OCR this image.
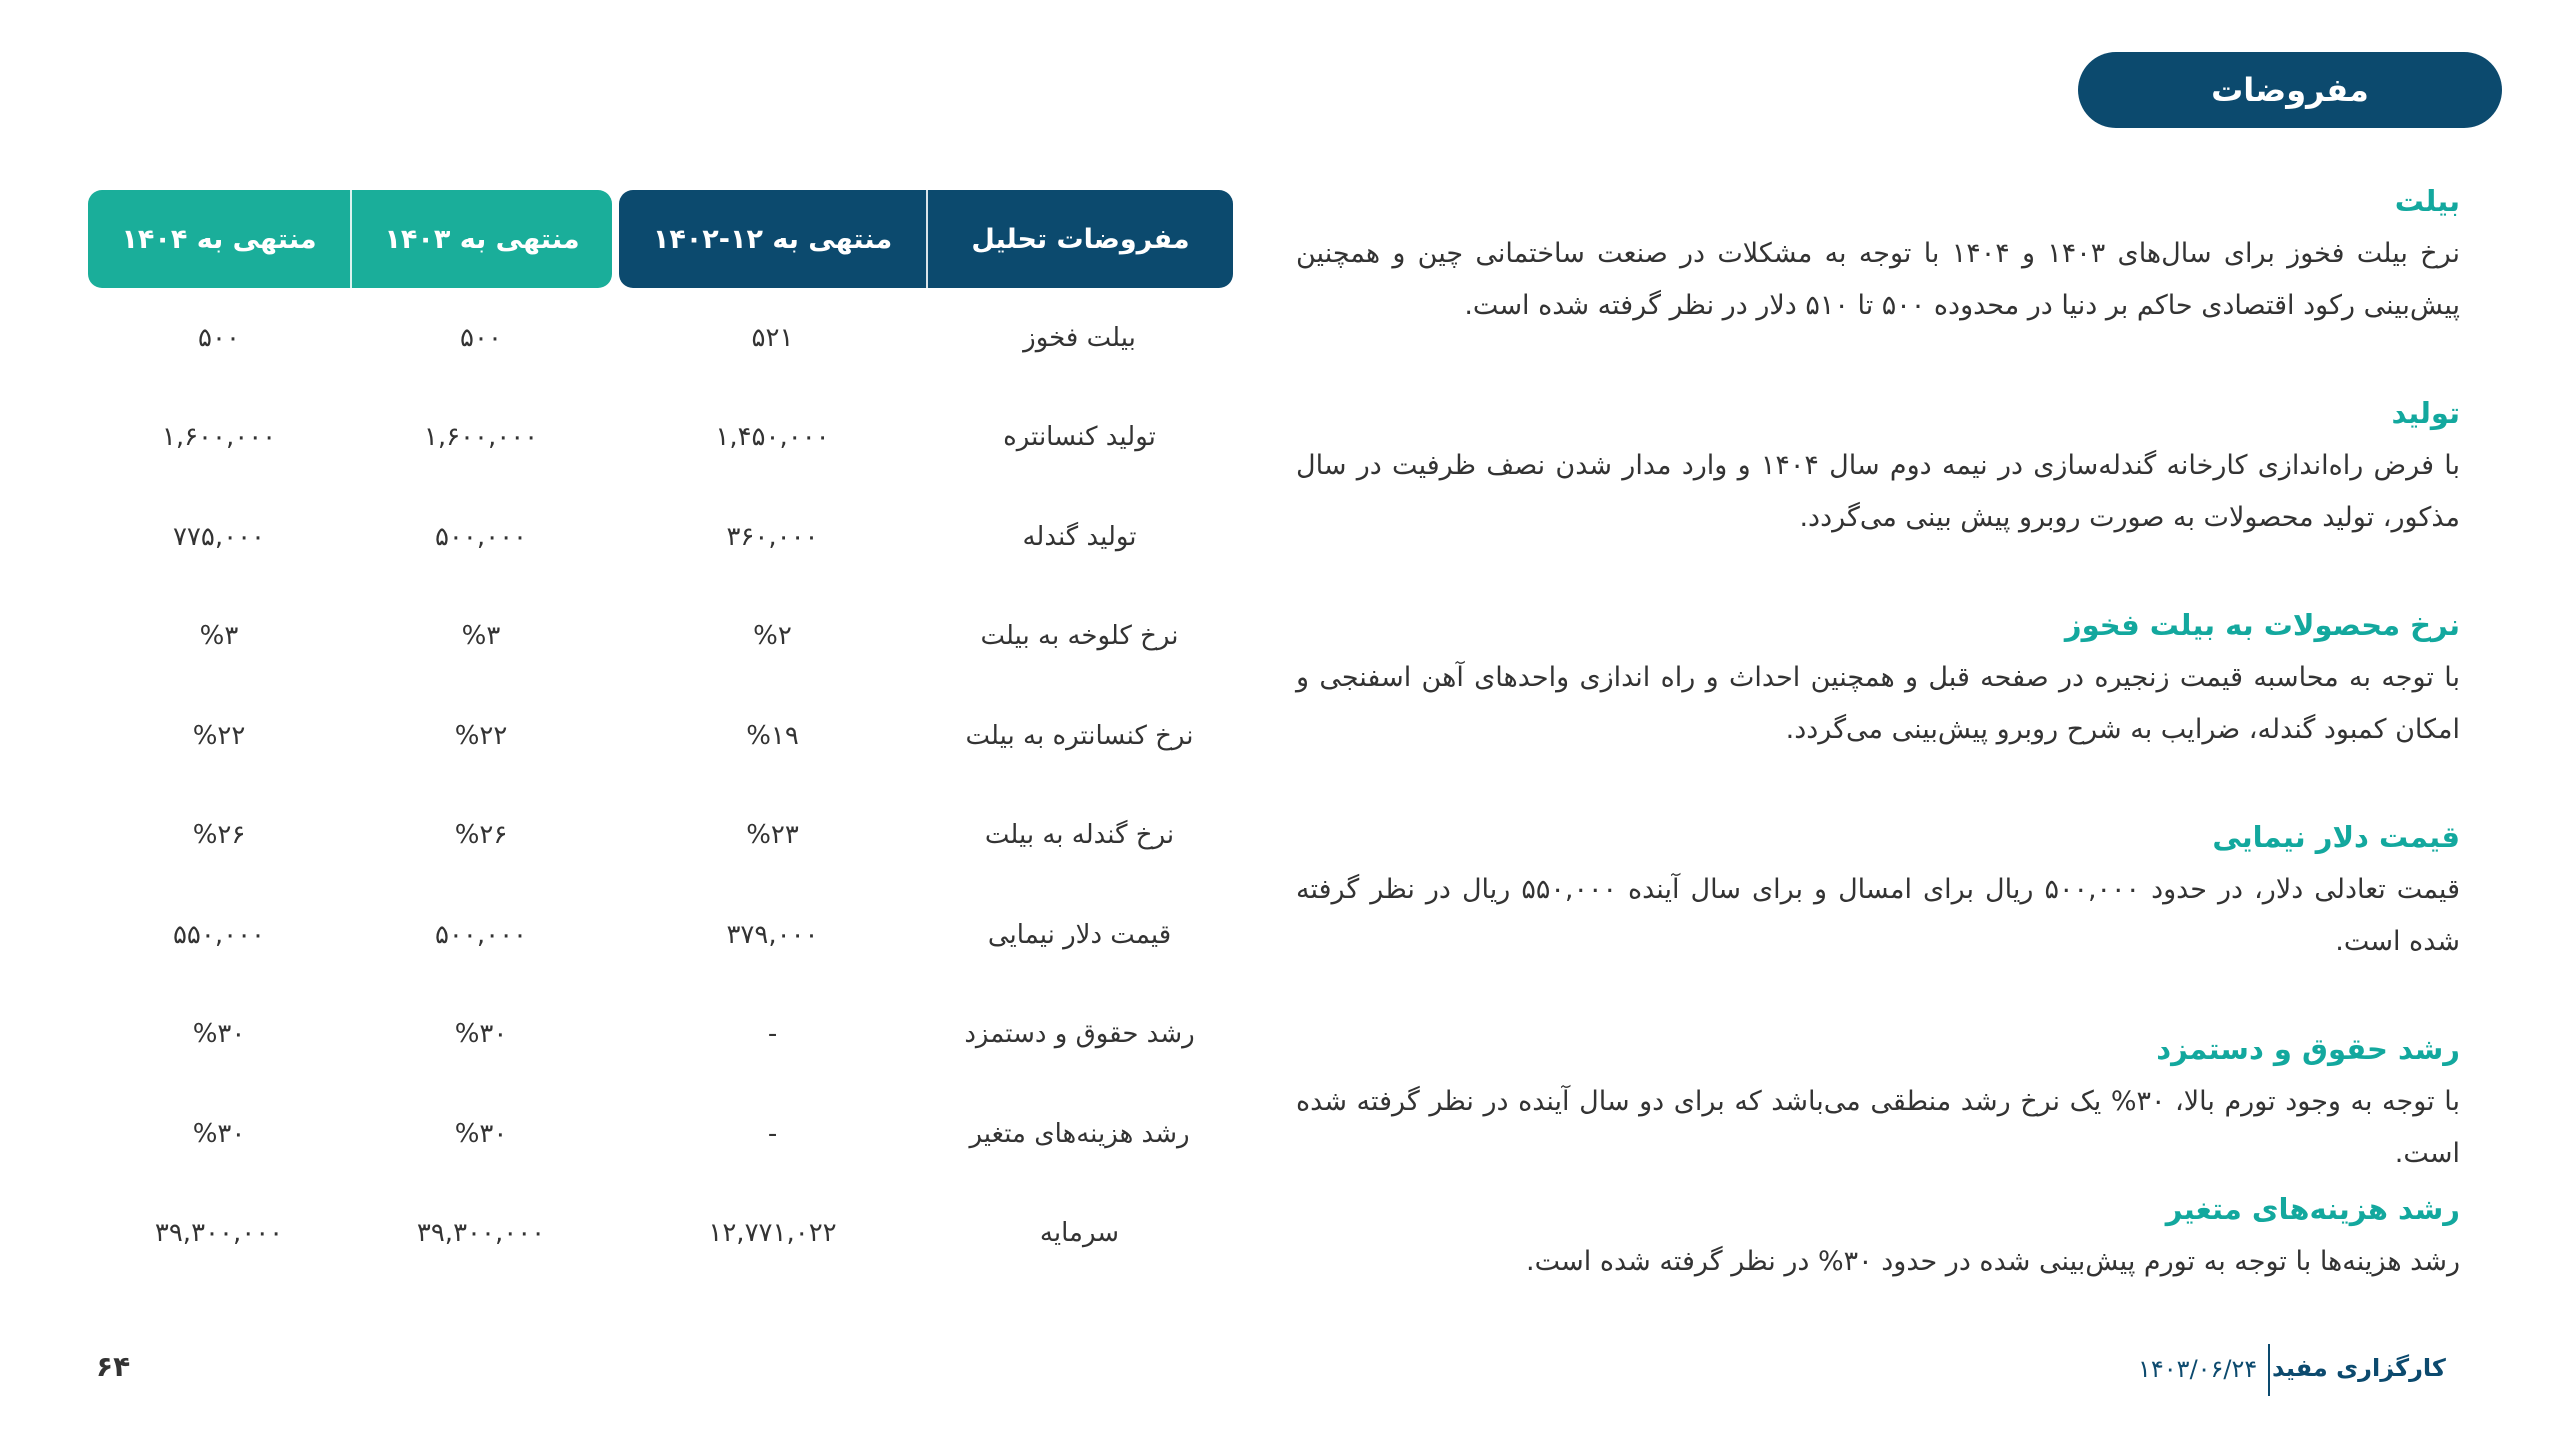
مفروضات
بیلت

نرخ بیلت فخوز برای سال‌های ۱۴۰۳ و ۱۴۰۴ با توجه به مشکلات در صنعت ساختمانی چین و همچنین پیش‌بینی رکود اقتصادی حاکم بر دنیا در محدوده ۵۰۰ تا ۵۱۰ دلار در نظر گرفته شده است.

تولید

با فرض راه‌اندازی کارخانه گندله‌سازی در نیمه دوم سال ۱۴۰۴ و وارد مدار شدن نصف ظرفیت در سال مذکور، تولید محصولات به صورت روبرو پیش بینی می‌گردد.

نرخ محصولات به بیلت فخوز

با توجه به محاسبه قیمت زنجیره در صفحه قبل و همچنین احداث و راه اندازی واحدهای آهن اسفنجی و امکان کمبود گندله، ضرایب به شرح روبرو پیش‌بینی می‌گردد.

قیمت دلار نیمایی

قیمت تعادلی دلار، در حدود ۵۰۰,۰۰۰ ریال برای امسال و برای سال آینده ۵۵۰,۰۰۰ ریال در نظر گرفته شده است.

رشد حقوق و دستمزد

با توجه به وجود تورم بالا، ۳۰% یک نرخ رشد منطقی می‌باشد که برای دو سال آینده در نظر گرفته شده است.

رشد هزینه‌های متغیر

رشد هزینه‌ها با توجه به تورم پیش‌بینی شده در حدود ۳۰% در نظر گرفته شده است.

مفروضات تحلیل
منتهی به ۱۲-۱۴۰۲
منتهی به ۱۴۰۳
منتهی به ۱۴۰۴
بیلت فخوز
۵۲۱
۵۰۰
۵۰۰
تولید کنسانتره
۱,۴۵۰,۰۰۰
۱,۶۰۰,۰۰۰
۱,۶۰۰,۰۰۰
تولید گندله
۳۶۰,۰۰۰
۵۰۰,۰۰۰
۷۷۵,۰۰۰
نرخ کلوخه به بیلت
%۲
%۳
%۳
نرخ کنسانتره به بیلت
%۱۹
%۲۲
%۲۲
نرخ گندله به بیلت
%۲۳
%۲۶
%۲۶
قیمت دلار نیمایی
۳۷۹,۰۰۰
۵۰۰,۰۰۰
۵۵۰,۰۰۰
رشد حقوق و دستمزد
-
%۳۰
%۳۰
رشد هزینه‌های متغیر
-
%۳۰
%۳۰
سرمایه
۱۲,۷۷۱,۰۲۲
۳۹,۳۰۰,۰۰۰
۳۹,۳۰۰,۰۰۰
کارگزاری مفید
۱۴۰۳/۰۶/۲۴
۶۴
